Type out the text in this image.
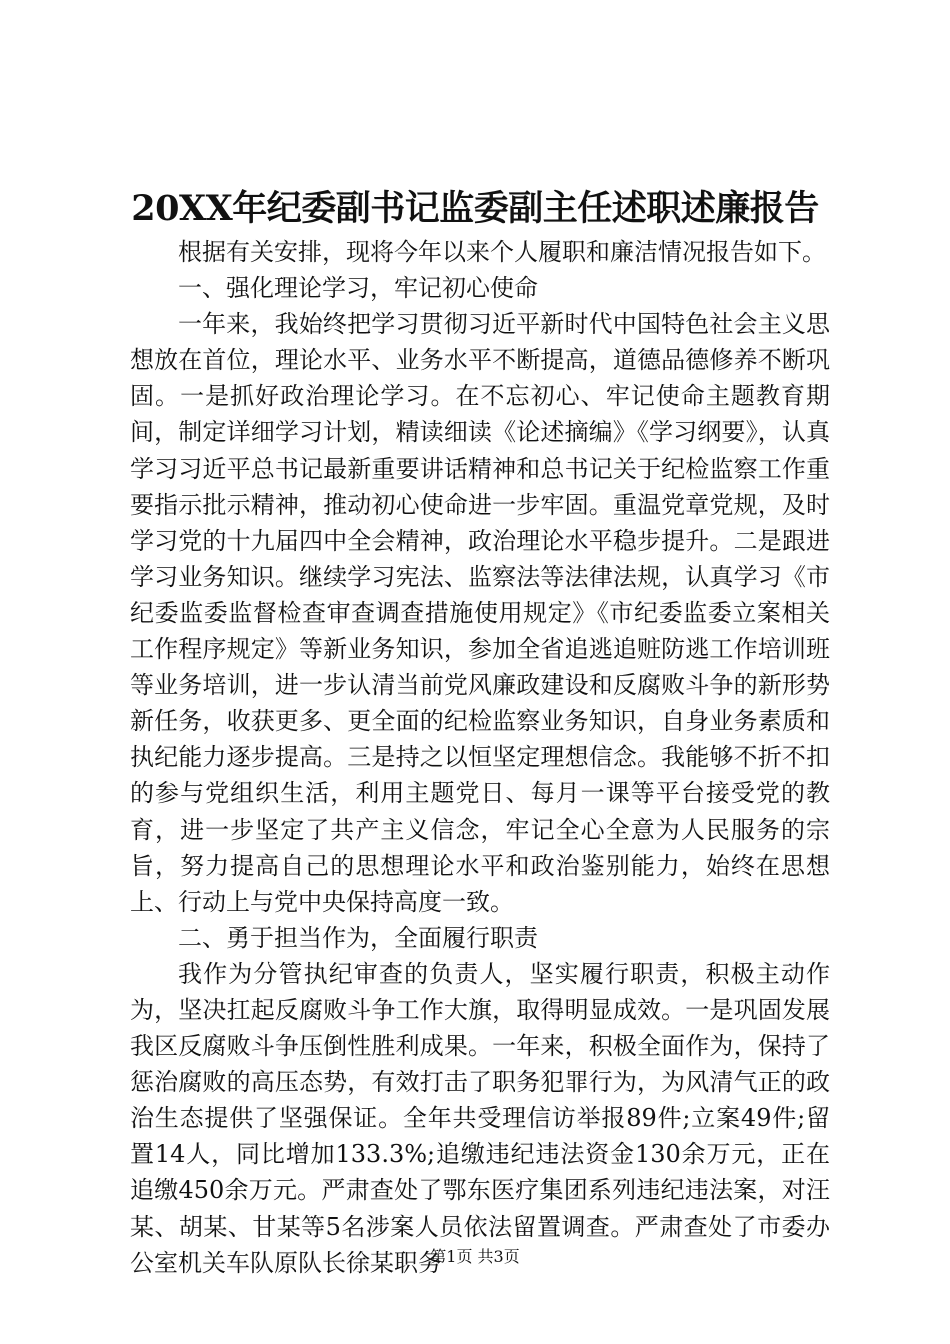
20XX年纪委副书记监委副主任述职述廉报告

根据有关安排，现将今年以来个人履职和廉洁情况报告如下。

一、强化理论学习，牢记初心使命

一年来，我始终把学习贯彻习近平新时代中国特色社会主义思想放在首位，理论水平、业务水平不断提高，道德品德修养不断巩固。一是抓好政治理论学习。在不忘初心、牢记使命主题教育期间，制定详细学习计划，精读细读《论述摘编》《学习纲要》，认真学习习近平总书记最新重要讲话精神和总书记关于纪检监察工作重要指示批示精神，推动初心使命进一步牢固。重温党章党规，及时学习党的十九届四中全会精神，政治理论水平稳步提升。二是跟进学习业务知识。继续学习宪法、监察法等法律法规，认真学习《市纪委监委监督检查审查调查措施使用规定》《市纪委监委立案相关工作程序规定》等新业务知识，参加全省追逃追赃防逃工作培训班等业务培训，进一步认清当前党风廉政建设和反腐败斗争的新形势新任务，收获更多、更全面的纪检监察业务知识，自身业务素质和执纪能力逐步提高。三是持之以恒坚定理想信念。我能够不折不扣的参与党组织生活，利用主题党日、每月一课等平台接受党的教育，进一步坚定了共产主义信念，牢记全心全意为人民服务的宗旨，努力提高自己的思想理论水平和政治鉴别能力，始终在思想上、行动上与党中央保持高度一致。

二、勇于担当作为，全面履行职责

我作为分管执纪审查的负责人，坚实履行职责，积极主动作为，坚决扛起反腐败斗争工作大旗，取得明显成效。一是巩固发展我区反腐败斗争压倒性胜利成果。一年来，积极全面作为，保持了惩治腐败的高压态势，有效打击了职务犯罪行为，为风清气正的政治生态提供了坚强保证。全年共受理信访举报89件;立案49件;留置14人，同比增加133.3%;追缴违纪违法资金130余万元，正在追缴450余万元。严肃查处了鄂东医疗集团系列违纪违法案，对汪某、胡某、甘某等5名涉案人员依法留置调查。严肃查处了市委办公室机关车队原队长徐某职务

第1页 共3页
